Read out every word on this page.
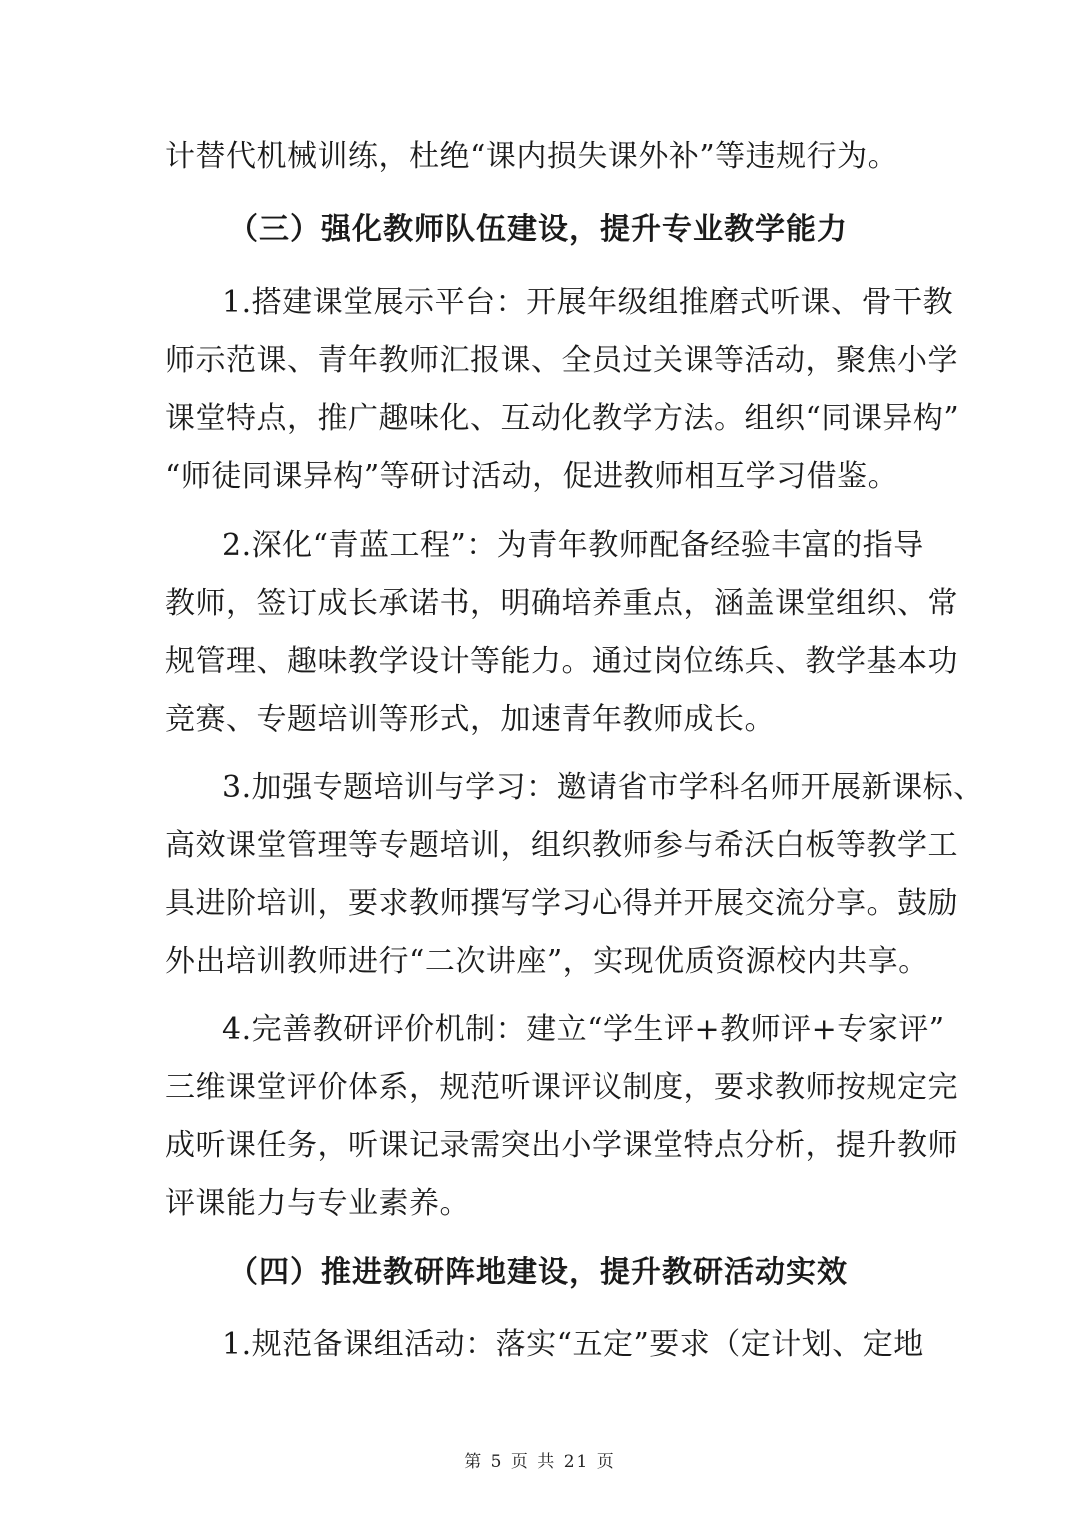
计替代机械训练，杜绝“课内损失课外补”等违规行为。
（三）强化教师队伍建设，提升专业教学能力
1.搭建课堂展示平台：开展年级组推磨式听课、骨干教
师示范课、青年教师汇报课、全员过关课等活动，聚焦小学
课堂特点，推广趣味化、互动化教学方法。组织“同课异构”
“师徒同课异构”等研讨活动，促进教师相互学习借鉴。
2.深化“青蓝工程”：为青年教师配备经验丰富的指导
教师，签订成长承诺书，明确培养重点，涵盖课堂组织、常
规管理、趣味教学设计等能力。通过岗位练兵、教学基本功
竞赛、专题培训等形式，加速青年教师成长。
3.加强专题培训与学习：邀请省市学科名师开展新课标、
高效课堂管理等专题培训，组织教师参与希沃白板等教学工
具进阶培训，要求教师撰写学习心得并开展交流分享。鼓励
外出培训教师进行“二次讲座”，实现优质资源校内共享。
4.完善教研评价机制：建立“学生评+教师评+专家评”
三维课堂评价体系，规范听课评议制度，要求教师按规定完
成听课任务，听课记录需突出小学课堂特点分析，提升教师
评课能力与专业素养。
（四）推进教研阵地建设，提升教研活动实效
1.规范备课组活动：落实“五定”要求（定计划、定地
第 5 页 共 21 页
